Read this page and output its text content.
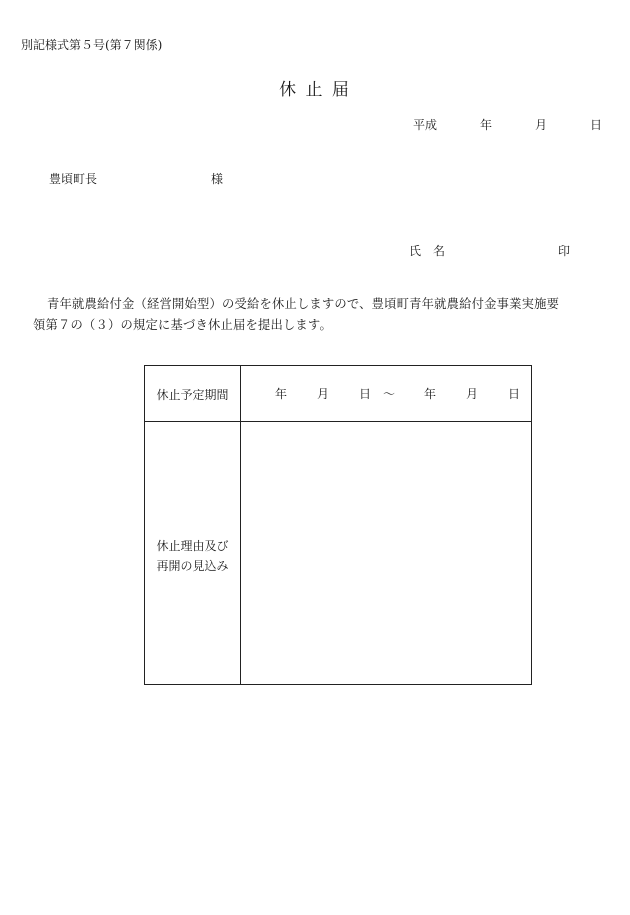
別記様式第５号(第７関係)
休 止 届
平成	年	月	日
豊頃町長	様
氏　名	印
青年就農給付金（経営開始型）の受給を休止しますので、豊頃町青年就農給付金事業実施要
領第７の（３）の規定に基づき休止届を提出します。
休止予定期間	年 月 日 ～ 年 月 日
休止理由及び
再開の見込み
